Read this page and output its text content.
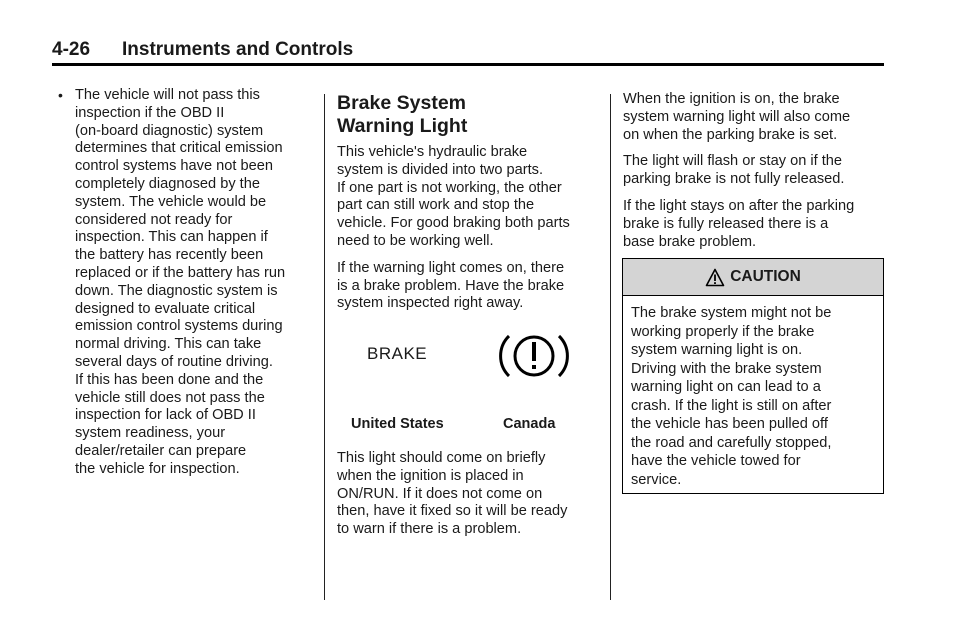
4-26 Instruments and Controls
• The vehicle will not pass this
inspection if the OBD II
(on-board diagnostic) system
determines that critical emission
control systems have not been
completely diagnosed by the
system. The vehicle would be
considered not ready for
inspection. This can happen if
the battery has recently been
replaced or if the battery has run
down. The diagnostic system is
designed to evaluate critical
emission control systems during
normal driving. This can take
several days of routine driving.
If this has been done and the
vehicle still does not pass the
inspection for lack of OBD II
system readiness, your
dealer/retailer can prepare
the vehicle for inspection.
Brake System
Warning Light
This vehicle's hydraulic brake
system is divided into two parts.
If one part is not working, the other
part can still work and stop the
vehicle. For good braking both parts
need to be working well.
If the warning light comes on, there
is a brake problem. Have the brake
system inspected right away.
BRAKE
United States	Canada
This light should come on briefly
when the ignition is placed in
ON/RUN. If it does not come on
then, have it fixed so it will be ready
to warn if there is a problem.
When the ignition is on, the brake
system warning light will also come
on when the parking brake is set.
The light will flash or stay on if the
parking brake is not fully released.
If the light stays on after the parking
brake is fully released there is a
base brake problem.
CAUTION
The brake system might not be
working properly if the brake
system warning light is on.
Driving with the brake system
warning light on can lead to a
crash. If the light is still on after
the vehicle has been pulled off
the road and carefully stopped,
have the vehicle towed for
service.
